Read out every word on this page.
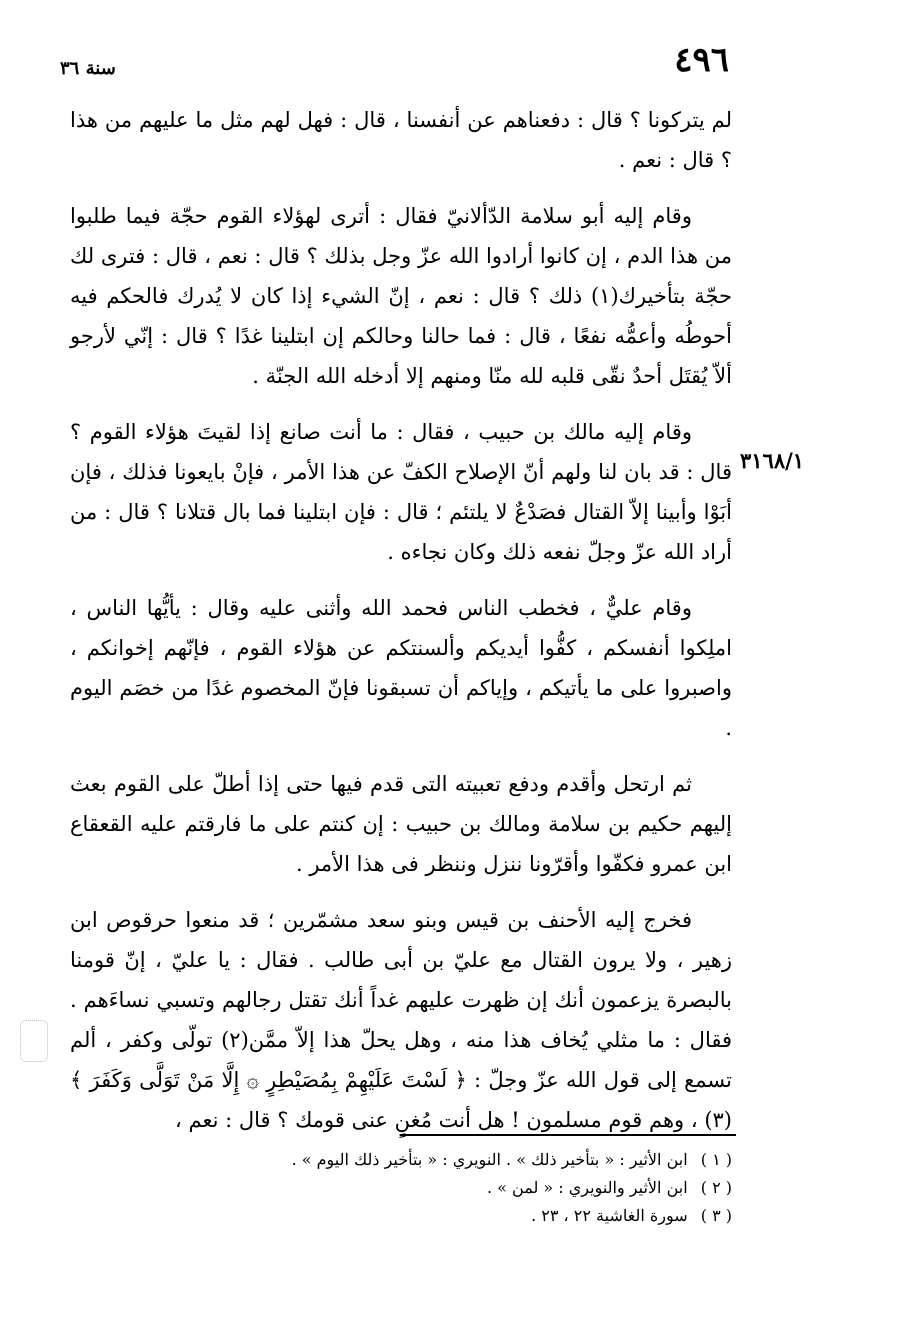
٤٩٦
سنة ٣٦
٣١٦٨/١

لم يتركونا ؟ قال : دفعناهم عن أنفسنا ، قال : فهل لهم مثل ما عليهم من هذا ؟ قال : نعم .

وقام إليه أبو سلامة الدّألانيّ فقال : أترى لهؤلاء القوم حجّة فيما طلبوا من هذا الدم ، إن كانوا أرادوا الله عزّ وجل بذلك ؟ قال : نعم ، قال : فترى لك حجّة بتأخيرك(١) ذلك ؟ قال : نعم ، إنّ الشيء إذا كان لا يُدرك فالحكم فيه أحوطُه وأعمُّه نفعًا ، قال : فما حالنا وحالكم إن ابتلينا غدًا ؟ قال : إنّي لأرجو ألاّ يُقتَل أحدٌ نقّى قلبه لله منّا ومنهم إلا أدخله الله الجنّة .

وقام إليه مالك بن حبيب ، فقال : ما أنت صانع إذا لقيتَ هؤلاء القوم ؟ قال : قد بان لنا ولهم أنّ الإصلاح الكفّ عن هذا الأمر ، فإنْ بايعونا فذلك ، فإن أبَوْا وأبينا إلاّ القتال فصَدْعٌ لا يلتئم ؛ قال : فإن ابتلينا فما بال قتلانا ؟ قال : من أراد الله عزّ وجلّ نفعه ذلك وكان نجاءه .

وقام عليٌّ ، فخطب الناس فحمد الله وأثنى عليه وقال : يأيُّها الناس ، املِكوا أنفسكم ، كفُّوا أيديكم وألسنتكم عن هؤلاء القوم ، فإنّهم إخوانكم ، واصبروا على ما يأتيكم ، وإياكم أن تسبقونا فإنّ المخصوم غدًا من خصَم اليوم .

ثم ارتحل وأقدم ودفع تعبيته التى قدم فيها حتى إذا أطلّ على القوم بعث إليهم حكيم بن سلامة ومالك بن حبيب : إن كنتم على ما فارقتم عليه القعقاع ابن عمرو فكفّوا وأقرّونا ننزل وننظر فى هذا الأمر .

فخرج إليه الأحنف بن قيس وبنو سعد مشمّرين ؛ قد منعوا حرقوص ابن زهير ، ولا يرون القتال مع عليّ بن أبى طالب . فقال : يا عليّ ، إنّ قومنا بالبصرة يزعمون أنك إن ظهرت عليهم غداً أنك تقتل رجالهم وتسبي نساءَهم . فقال : ما مثلي يُخاف هذا منه ، وهل يحلّ هذا إلاّ ممَّن(٢) تولّى وكفر ، ألم تسمع إلى قول الله عزّ وجلّ : ﴿ لَسْتَ عَلَيْهِمْ بِمُصَيْطِرٍ ۞ إِلَّا مَنْ تَوَلَّى وَكَفَرَ ﴾(٣) ، وهم قوم مسلمون ! هل أنت مُغنٍ عنى قومك ؟ قال : نعم ،

( ١ ) ابن الأثير : « بتأخير ذلك » . النويري : « بتأخير ذلك اليوم » .
( ٢ ) ابن الأثير والنويري : « لمن » .
( ٣ ) سورة الغاشية ٢٢ ، ٢٣ .
